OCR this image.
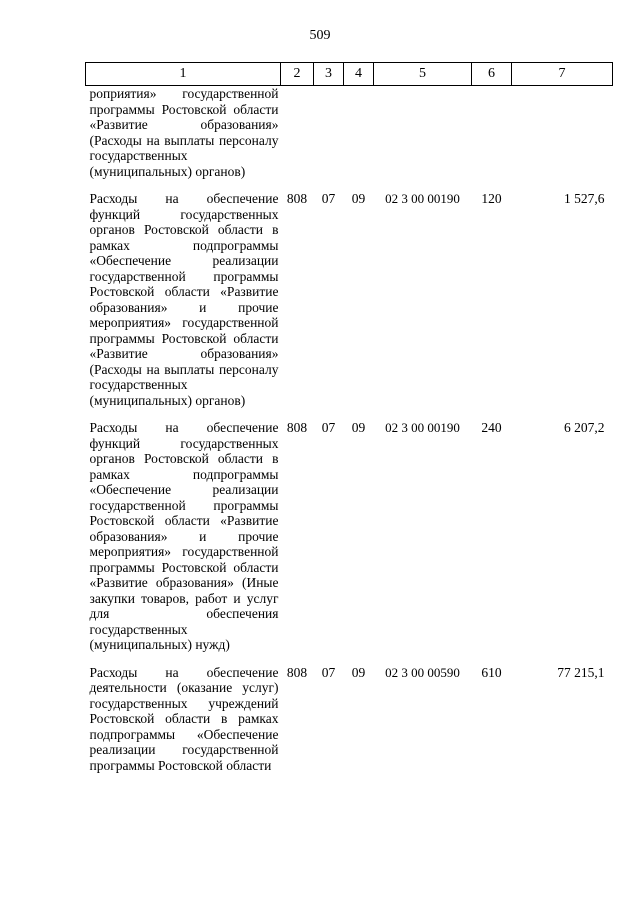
509
1	2	3	4	5	6	7
роприятия» государственной программы Ростовской области «Развитие образования» (Расходы на выплаты персоналу государственных (муниципальных) органов)						
Расходы на обеспечение функций государственных органов Ростовской области в рамках подпрограммы «Обеспечение реализации государственной программы Ростовской области «Развитие образования» и прочие мероприятия» государственной программы Ростовской области «Развитие образования» (Расходы на выплаты персоналу государственных (муниципальных) органов)	808	07	09	02 3 00 00190	120	1 527,6
Расходы на обеспечение функций государственных органов Ростовской области в рамках подпрограммы «Обеспечение реализации государственной программы Ростовской области «Развитие образования» и прочие мероприятия» государственной программы Ростовской области «Развитие образования» (Иные закупки товаров, работ и услуг для обеспечения государственных (муниципальных) нужд)	808	07	09	02 3 00 00190	240	6 207,2
Расходы на обеспечение деятельности (оказание услуг) государственных учреждений Ростовской области в рамках подпрограммы «Обеспечение реализации государственной программы Ростовской области	808	07	09	02 3 00 00590	610	77 215,1
